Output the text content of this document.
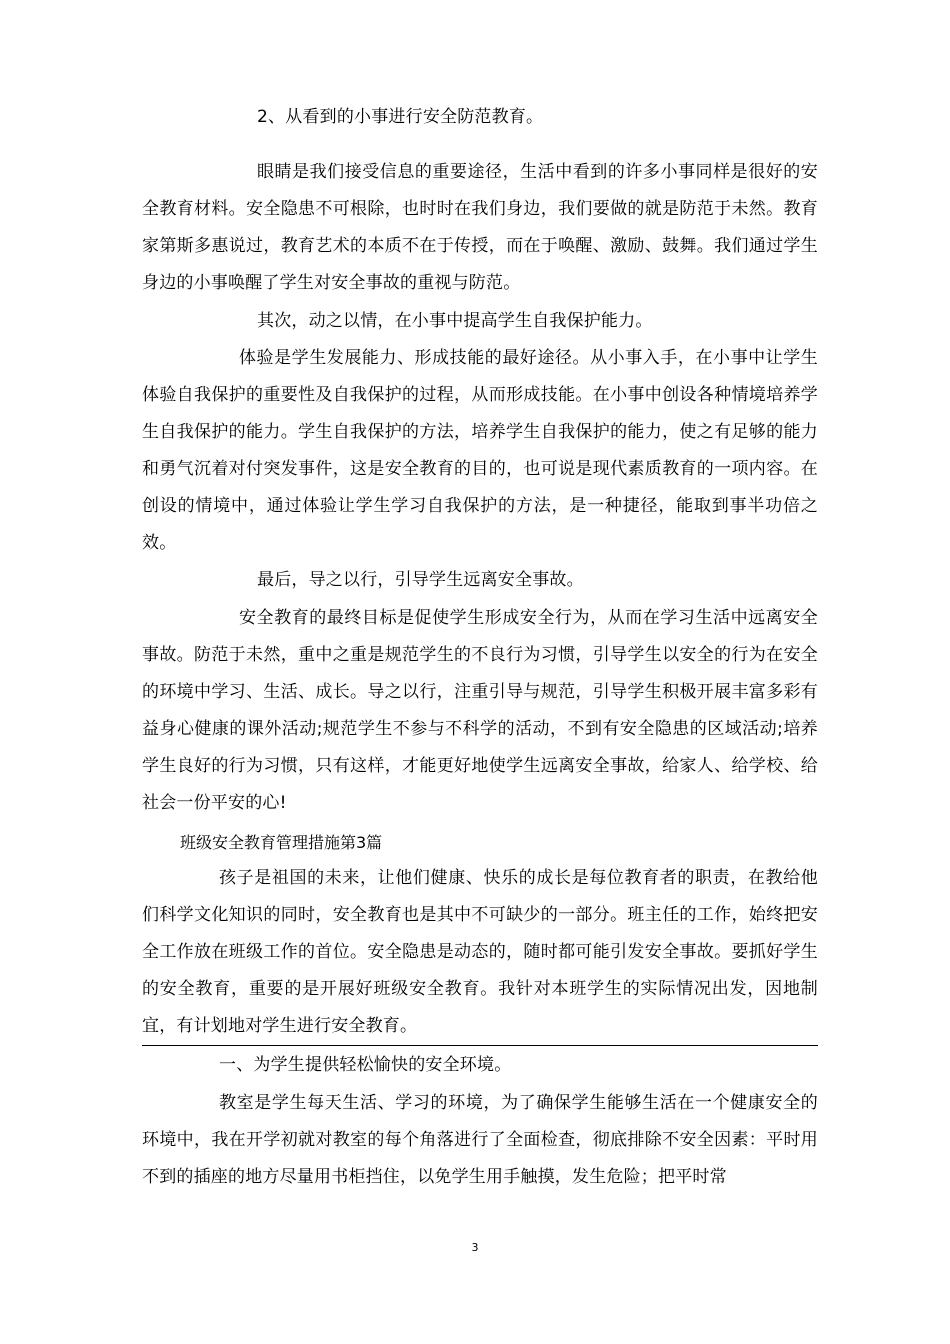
2、从看到的小事进行安全防范教育。

眼睛是我们接受信息的重要途径，生活中看到的许多小事同样是很好的安全教育材料。安全隐患不可根除，也时时在我们身边，我们要做的就是防范于未然。教育家第斯多惠说过，教育艺术的本质不在于传授，而在于唤醒、激励、鼓舞。我们通过学生身边的小事唤醒了学生对安全事故的重视与防范。

其次，动之以情，在小事中提高学生自我保护能力。

体验是学生发展能力、形成技能的最好途径。从小事入手，在小事中让学生体验自我保护的重要性及自我保护的过程，从而形成技能。在小事中创设各种情境培养学生自我保护的能力。学生自我保护的方法，培养学生自我保护的能力，使之有足够的能力和勇气沉着对付突发事件，这是安全教育的目的，也可说是现代素质教育的一项内容。在创设的情境中，通过体验让学生学习自我保护的方法，是一种捷径，能取到事半功倍之效。

最后，导之以行，引导学生远离安全事故。

安全教育的最终目标是促使学生形成安全行为，从而在学习生活中远离安全事故。防范于未然，重中之重是规范学生的不良行为习惯，引导学生以安全的行为在安全的环境中学习、生活、成长。导之以行，注重引导与规范，引导学生积极开展丰富多彩有益身心健康的课外活动;规范学生不参与不科学的活动，不到有安全隐患的区域活动;培养学生良好的行为习惯，只有这样，才能更好地使学生远离安全事故，给家人、给学校、给社会一份平安的心!

班级安全教育管理措施第3篇

孩子是祖国的未来，让他们健康、快乐的成长是每位教育者的职责，在教给他们科学文化知识的同时，安全教育也是其中不可缺少的一部分。班主任的工作，始终把安全工作放在班级工作的首位。安全隐患是动态的，随时都可能引发安全事故。要抓好学生的安全教育，重要的是开展好班级安全教育。我针对本班学生的实际情况出发，因地制宜，有计划地对学生进行安全教育。

一、为学生提供轻松愉快的安全环境。

教室是学生每天生活、学习的环境，为了确保学生能够生活在一个健康安全的环境中，我在开学初就对教室的每个角落进行了全面检查，彻底排除不安全因素：平时用不到的插座的地方尽量用书柜挡住，以免学生用手触摸，发生危险；把平时常

3
